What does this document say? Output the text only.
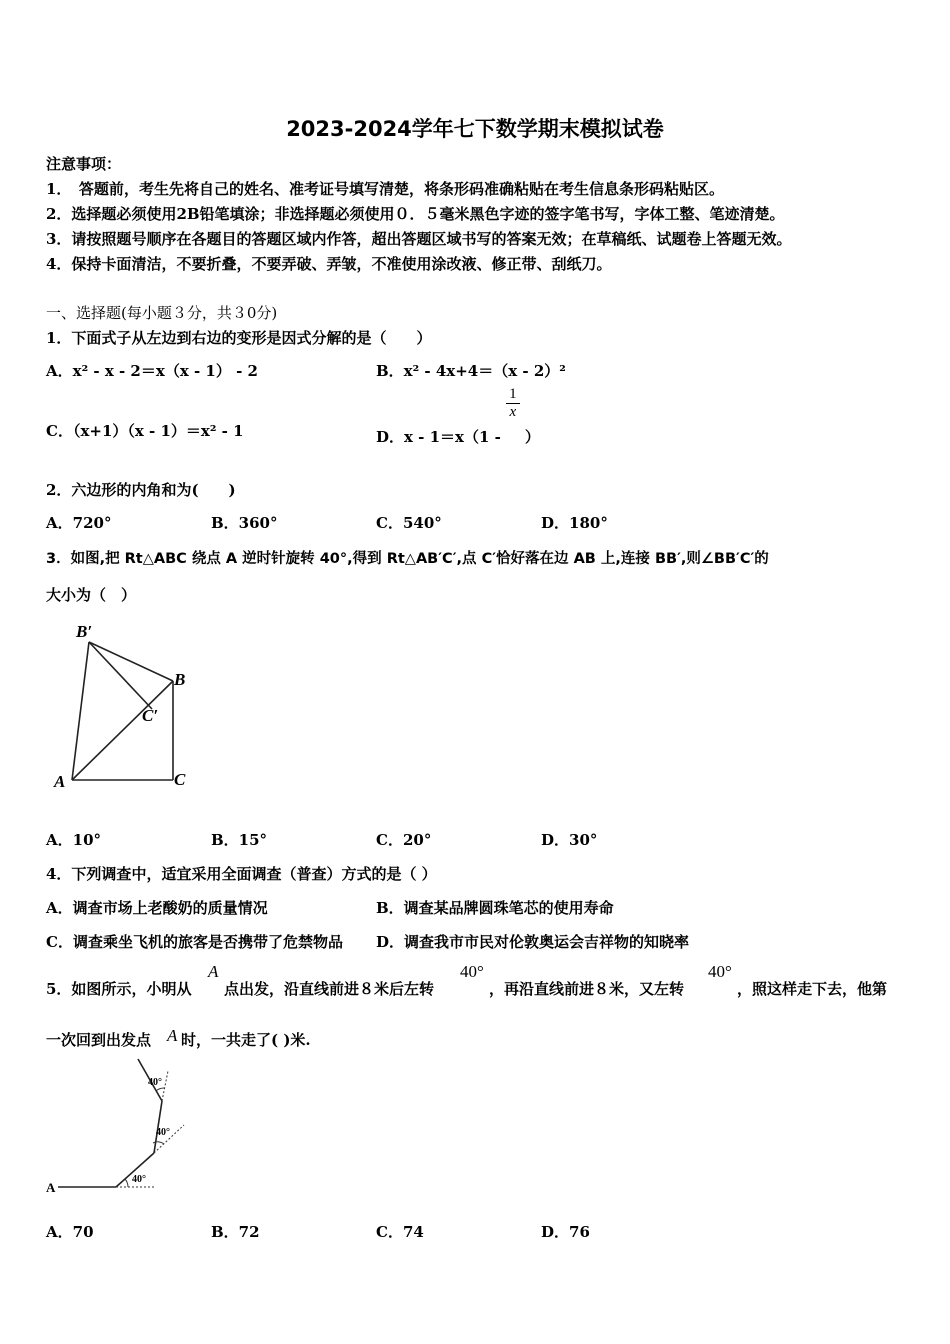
2023-2024学年七下数学期末模拟试卷
注意事项：
1．　答题前，考生先将自己的姓名、准考证号填写清楚，将条形码准确粘贴在考生信息条形码粘贴区。
2．选择题必须使用2B铅笔填涂；非选择题必须使用０．５毫米黑色字迹的签字笔书写，字体工整、笔迹清楚。
3．请按照题号顺序在各题目的答题区域内作答，超出答题区域书写的答案无效；在草稿纸、试题卷上答题无效。
4．保持卡面清洁，不要折叠，不要弄破、弄皱，不准使用涂改液、修正带、刮纸刀。
一、选择题(每小题３分，共３0分)
1．下面式子从左边到右边的变形是因式分解的是（　　）
A．x² - x - 2＝x（x - 1） - 2	B．x² - 4x+4＝（x - 2）²
C．（x+1）（x - 1）＝x² - 1	D．x - 1＝x（1 -
$\frac{1}{x}$
）
2．六边形的内角和为(　　)
A．720°	B．360°	C．540°	D．180°
3．如图,把 Rt△ABC 绕点 A 逆时针旋转 40°,得到 Rt△AB′C′,点 C′恰好落在边 AB 上,连接 BB′,则∠BB′C′的
大小为（　）
B′
B
C′
A	C
A．10°	B．15°	C．20°	D．30°
4．下列调查中，适宜采用全面调查（普查）方式的是（ ）
A．调查市场上老酸奶的质量情况	B．调查某品牌圆珠笔芯的使用寿命
C．调查乘坐飞机的旅客是否携带了危禁物品 D．调查我市市民对伦敦奥运会吉祥物的知晓率
5．如图所示，小明从
A
点出发，沿直线前进８米后左转
40°
，再沿直线前进８米，又左转
40°
，照这样走下去，他第
一次回到出发点 A 时，一共走了( )米.
A
40°
40°
40°
A．70	B．72	C．74	D．76
